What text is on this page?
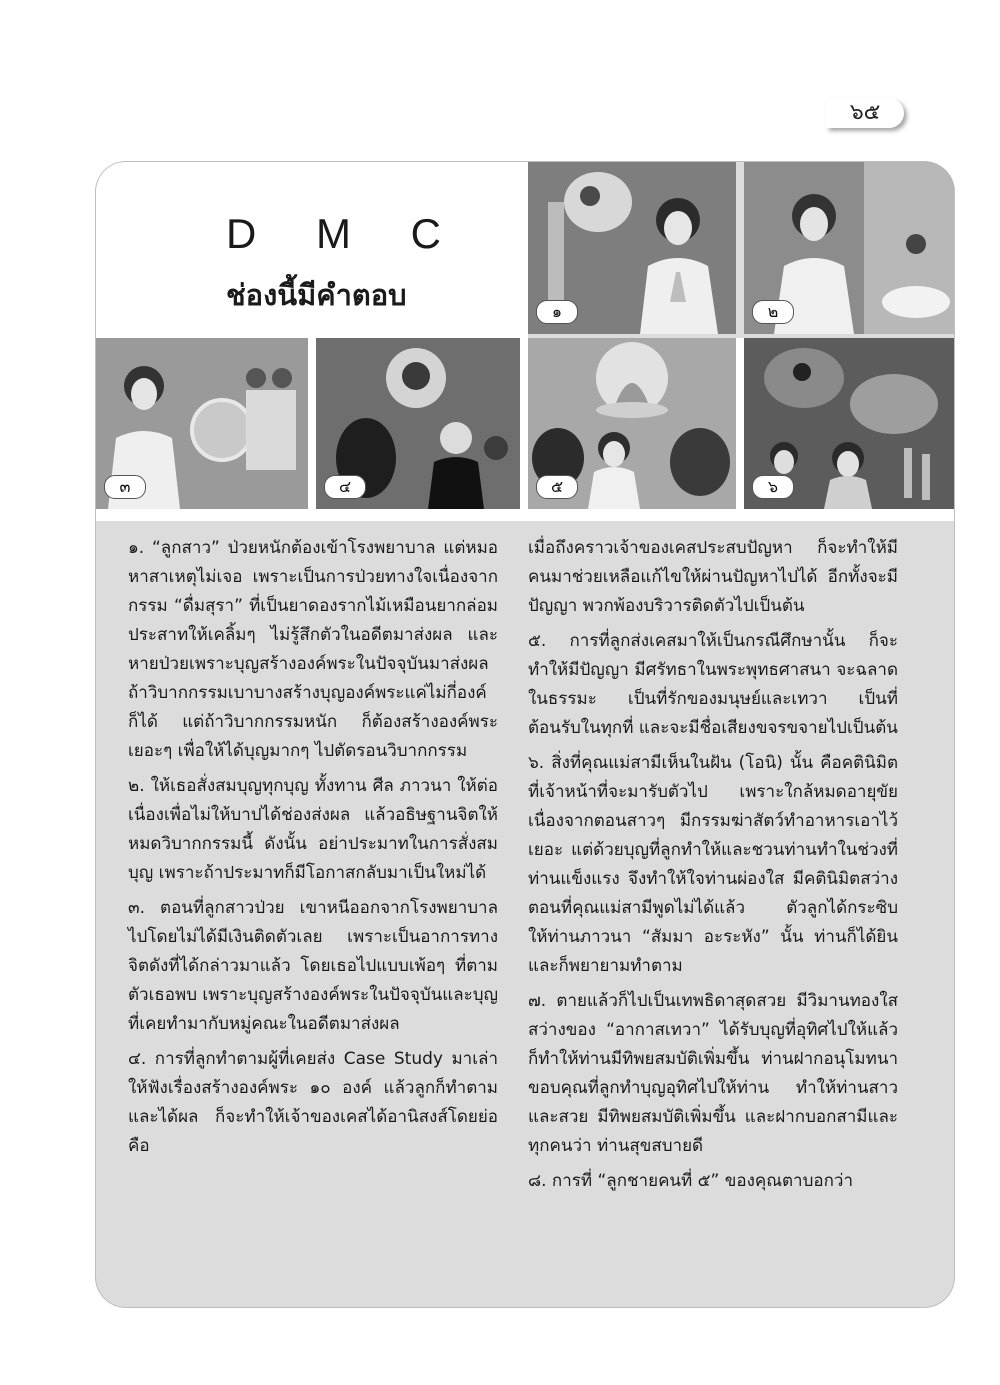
๖๕
D M C
ช่องนี้มีคำตอบ	๑	๒
๓	๔	๕	๖

๑. “ลูกสาว” ป่วยหนักต้องเข้าโรงพยาบาล แต่หมอหาสาเหตุไม่เจอ เพราะเป็นการป่วยทางใจเนื่องจากกรรม “ดื่มสุรา” ที่เป็นยาดองรากไม้เหมือนยากล่อมประสาทให้เคลิ้มๆ ไม่รู้สึกตัวในอดีตมาส่งผล และหายป่วยเพราะบุญสร้างองค์พระในปัจจุบันมาส่งผล ถ้าวิบากกรรมเบาบางสร้างบุญองค์พระแค่ไม่กี่องค์ก็ได้ แต่ถ้าวิบากกรรมหนัก ก็ต้องสร้างองค์พระเยอะๆ เพื่อให้ได้บุญมากๆ ไปตัดรอนวิบากกรรม

๒. ให้เธอสั่งสมบุญทุกบุญ ทั้งทาน ศีล ภาวนา ให้ต่อเนื่องเพื่อไม่ให้บาปได้ช่องส่งผล แล้วอธิษฐานจิตให้หมดวิบากกรรมนี้ ดังนั้น อย่าประมาทในการสั่งสมบุญ เพราะถ้าประมาทก็มีโอกาสกลับมาเป็นใหม่ได้

๓. ตอนที่ลูกสาวป่วย เขาหนีออกจากโรงพยาบาลไปโดยไม่ได้มีเงินติดตัวเลย เพราะเป็นอาการทางจิตดังที่ได้กล่าวมาแล้ว โดยเธอไปแบบเพ้อๆ ที่ตามตัวเธอพบ เพราะบุญสร้างองค์พระในปัจจุบันและบุญที่เคยทำมากับหมู่คณะในอดีตมาส่งผล

๔. การที่ลูกทำตามผู้ที่เคยส่ง Case Study มาเล่าให้ฟังเรื่องสร้างองค์พระ ๑๐ องค์ แล้วลูกก็ทำตามและได้ผล ก็จะทำให้เจ้าของเคสได้อานิสงส์โดยย่อ คือ

เมื่อถึงคราวเจ้าของเคสประสบปัญหา ก็จะทำให้มีคนมาช่วยเหลือแก้ไขให้ผ่านปัญหาไปได้ อีกทั้งจะมีปัญญา พวกพ้องบริวารติดตัวไปเป็นต้น

๕. การที่ลูกส่งเคสมาให้เป็นกรณีศึกษานั้น ก็จะทำให้มีปัญญา มีศรัทธาในพระพุทธศาสนา จะฉลาดในธรรมะ เป็นที่รักของมนุษย์และเทวา เป็นที่ต้อนรับในทุกที่ และจะมีชื่อเสียงขจรขจายไปเป็นต้น

๖. สิ่งที่คุณแม่สามีเห็นในฝัน (โอนิ) นั้น คือคตินิมิตที่เจ้าหน้าที่จะมารับตัวไป เพราะใกล้หมดอายุขัย เนื่องจากตอนสาวๆ มีกรรมฆ่าสัตว์ทำอาหารเอาไว้เยอะ แต่ด้วยบุญที่ลูกทำให้และชวนท่านทำในช่วงที่ท่านแข็งแรง จึงทำให้ใจท่านผ่องใส มีคตินิมิตสว่าง ตอนที่คุณแม่สามีพูดไม่ได้แล้ว ตัวลูกได้กระซิบให้ท่านภาวนา “สัมมา อะระหัง” นั้น ท่านก็ได้ยินและก็พยายามทำตาม

๗. ตายแล้วก็ไปเป็นเทพธิดาสุดสวย มีวิมานทองใสสว่างของ “อากาสเทวา” ได้รับบุญที่อุทิศไปให้แล้ว ก็ทำให้ท่านมีทิพยสมบัติเพิ่มขึ้น ท่านฝากอนุโมทนาขอบคุณที่ลูกทำบุญอุทิศไปให้ท่าน ทำให้ท่านสาวและสวย มีทิพยสมบัติเพิ่มขึ้น และฝากบอกสามีและทุกคนว่า ท่านสุขสบายดี

๘. การที่ “ลูกชายคนที่ ๕” ของคุณตาบอกว่า
